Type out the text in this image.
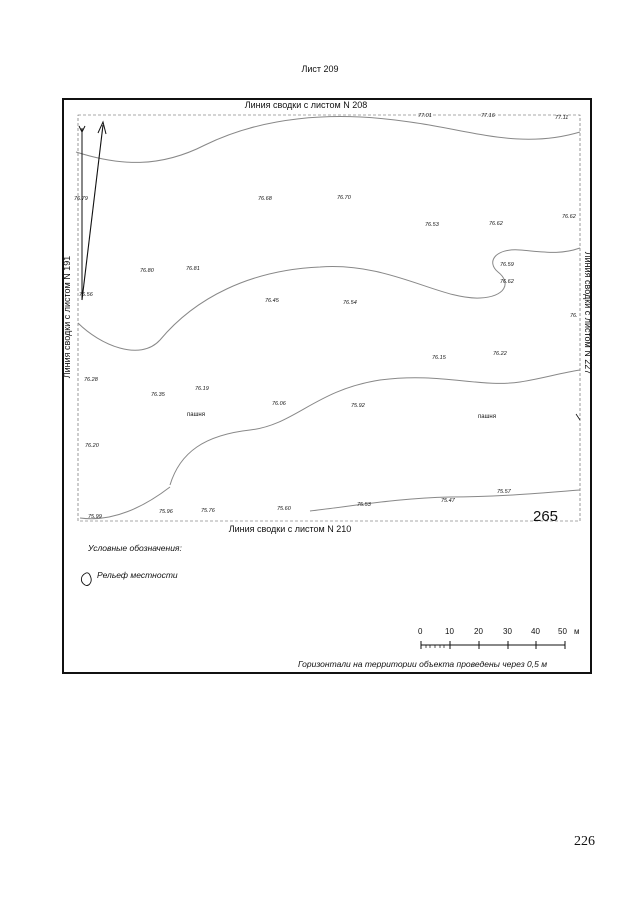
Лист 209
Линия сводки с листом N 208
Линия сводки с листом N 210
Линия сводки с листом N 191	Линия сводки с листом N 227
265
77.01	77.16	77.11
76.79	76.68	76.70
76.53	76.62
76.62
76.59
76.62
76.80	76.81
76.56
76.45	76.54
76.15
76.22
76.28
76.35
76.19
76.06	75.92
76.20
75.99
75.96	75.76	75.60
75.53
75.47
75.57
76.
пашня	пашня
Условные обозначения:
Рельеф местности
0	10	20	30 40 50 м
Горизонтали на территории объекта проведены через 0,5 м
226
